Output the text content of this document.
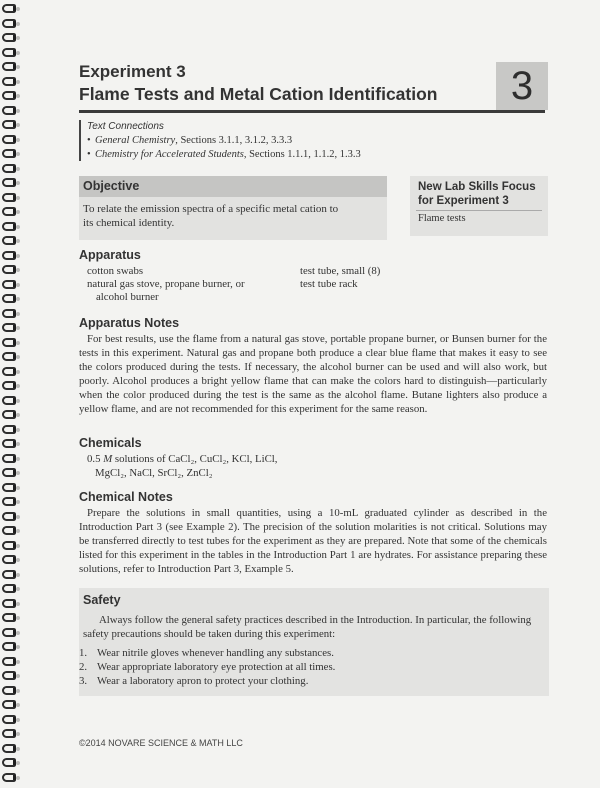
Experiment 3
Flame Tests and Metal Cation Identification	3
Text Connections
• General Chemistry, Sections 3.1.1, 3.1.2, 3.3.3
• Chemistry for Accelerated Students, Sections 1.1.1, 1.1.2, 1.3.3
Objective
To relate the emission spectra of a specific metal cation to its chemical identity.
New Lab Skills Focus for Experiment 3
Flame tests
Apparatus
cotton swabs
natural gas stove, propane burner, or
alcohol burner
test tube, small (8)
test tube rack
Apparatus Notes
For best results, use the flame from a natural gas stove, portable propane burner, or Bunsen burner for the tests in this experiment. Natural gas and propane both produce a clear blue flame that makes it easy to see the colors produced during the tests. If necessary, the alcohol burner can be used and will also work, but poorly. Alcohol produces a bright yellow flame that can make the colors hard to distinguish—particularly when the color produced during the test is the same as the alcohol flame. Butane lighters also produce a yellow flame, and are not recommended for this experiment for the same reason.
Chemicals
0.5 M solutions of CaCl₂, CuCl₂, KCl, LiCl,
MgCl₂, NaCl, SrCl₂, ZnCl₂
Chemical Notes
Prepare the solutions in small quantities, using a 10-mL graduated cylinder as described in the Introduction Part 3 (see Example 2). The precision of the solution molarities is not critical. Solutions may be transferred directly to test tubes for the experiment as they are prepared. Note that some of the chemicals listed for this experiment in the tables in the Introduction Part 1 are hydrates. For assistance preparing these solutions, refer to Introduction Part 3, Example 5.
Safety
Always follow the general safety practices described in the Introduction. In particular, the following safety precautions should be taken during this experiment:
1. Wear nitrile gloves whenever handling any substances.
2. Wear appropriate laboratory eye protection at all times.
3. Wear a laboratory apron to protect your clothing.
©2014 NOVARE SCIENCE & MATH LLC
